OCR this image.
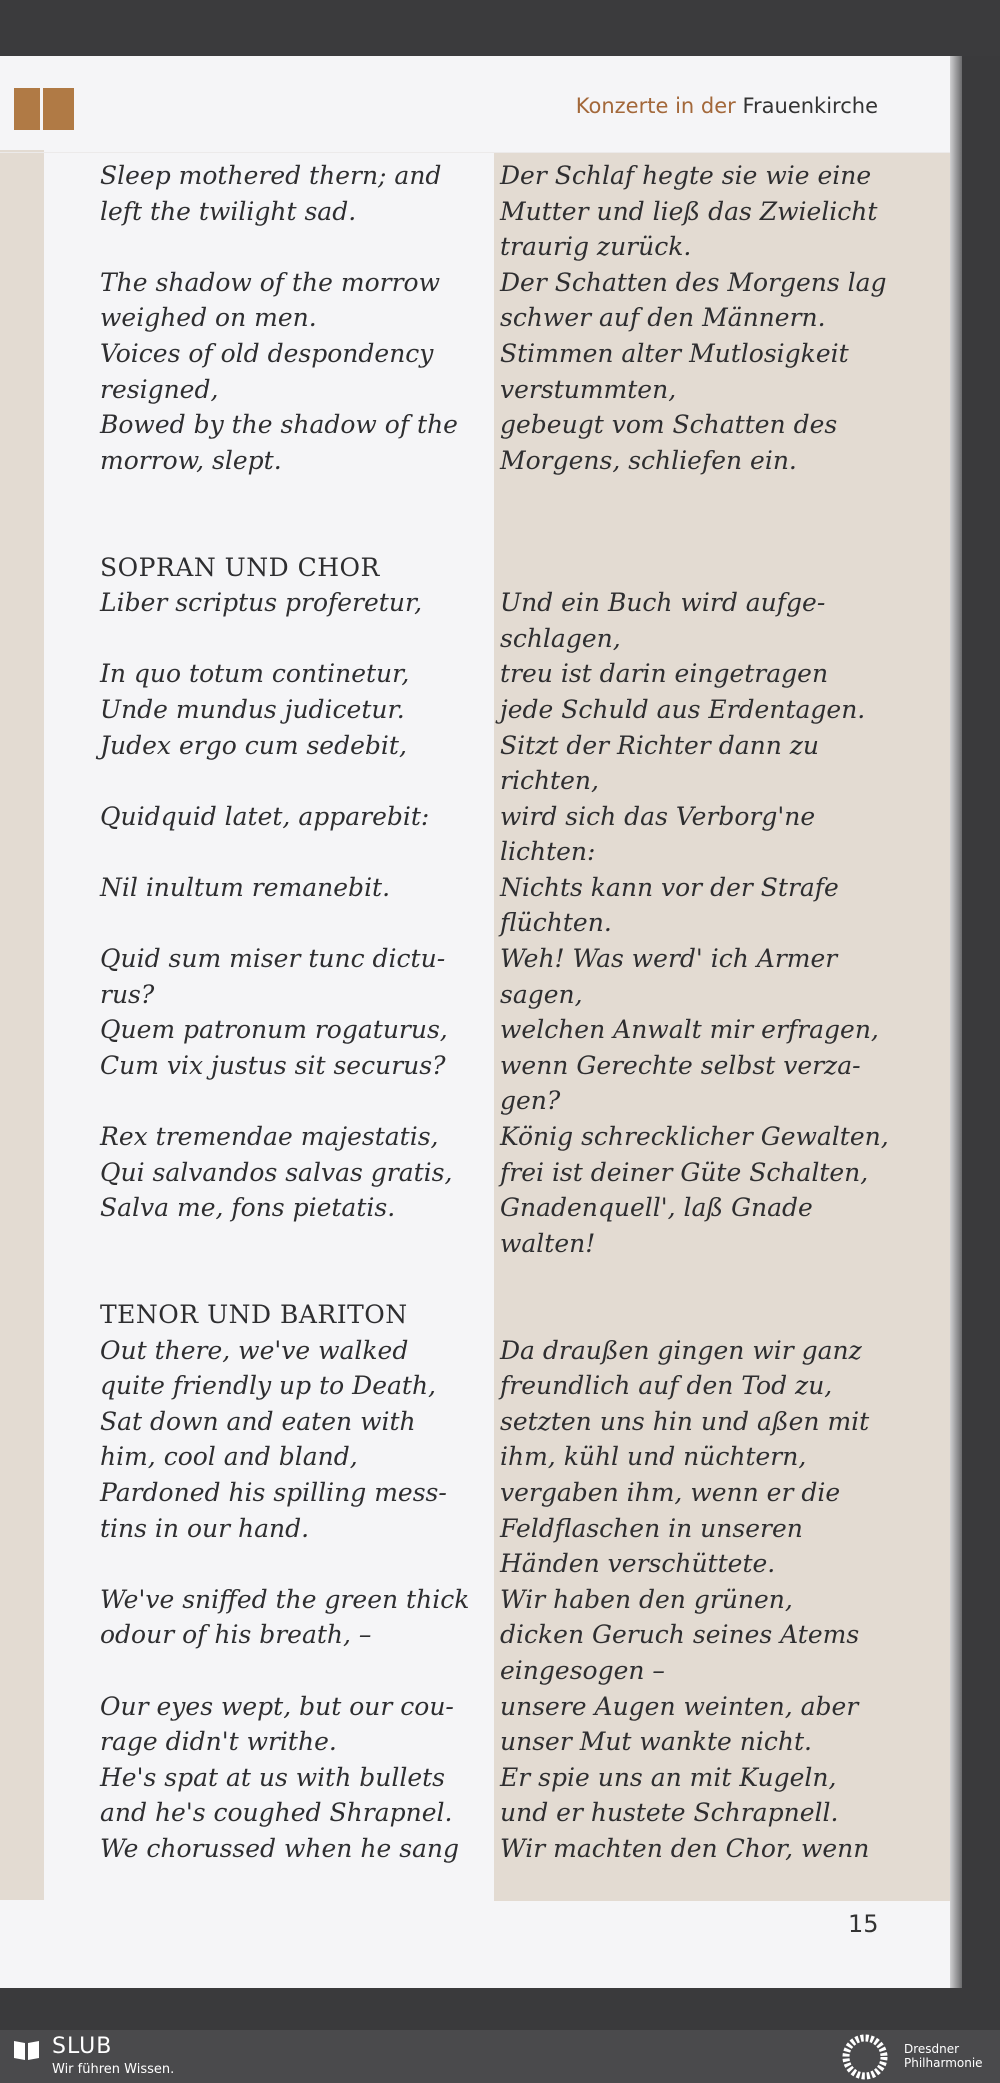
Konzerte in der Frauenkirche
Sleep mothered thern; and
left the twilight sad.
The shadow of the morrow
weighed on men.
Voices of old despondency
resigned,
Bowed by the shadow of the
morrow, slept.
SOPRAN UND CHOR
Liber scriptus proferetur,
In quo totum continetur,
Unde mundus judicetur.
Judex ergo cum sedebit,
Quidquid latet, apparebit:
Nil inultum remanebit.
Quid sum miser tunc dictu-
rus?
Quem patronum rogaturus,
Cum vix justus sit securus?
Rex tremendae majestatis,
Qui salvandos salvas gratis,
Salva me, fons pietatis.
TENOR UND BARITON
Out there, we've walked
quite friendly up to Death,
Sat down and eaten with
him, cool and bland,
Pardoned his spilling mess-
tins in our hand.
We've sniffed the green thick
odour of his breath, –
Our eyes wept, but our cou-
rage didn't writhe.
He's spat at us with bullets
and he's coughed Shrapnel.
We chorussed when he sang
Der Schlaf hegte sie wie eine
Mutter und ließ das Zwielicht
traurig zurück.
Der Schatten des Morgens lag
schwer auf den Männern.
Stimmen alter Mutlosigkeit
verstummten,
gebeugt vom Schatten des
Morgens, schliefen ein.
Und ein Buch wird aufge-
schlagen,
treu ist darin eingetragen
jede Schuld aus Erdentagen.
Sitzt der Richter dann zu
richten,
wird sich das Verborg'ne
lichten:
Nichts kann vor der Strafe
flüchten.
Weh! Was werd' ich Armer
sagen,
welchen Anwalt mir erfragen,
wenn Gerechte selbst verza-
gen?
König schrecklicher Gewalten,
frei ist deiner Güte Schalten,
Gnadenquell', laß Gnade
walten!
Da draußen gingen wir ganz
freundlich auf den Tod zu,
setzten uns hin und aßen mit
ihm, kühl und nüchtern,
vergaben ihm, wenn er die
Feldflaschen in unseren
Händen verschüttete.
Wir haben den grünen,
dicken Geruch seines Atems
eingesogen –
unsere Augen weinten, aber
unser Mut wankte nicht.
Er spie uns an mit Kugeln,
und er hustete Schrapnell.
Wir machten den Chor, wenn
15
SLUB
Wir führen Wissen.
Dresdner
Philharmonie
